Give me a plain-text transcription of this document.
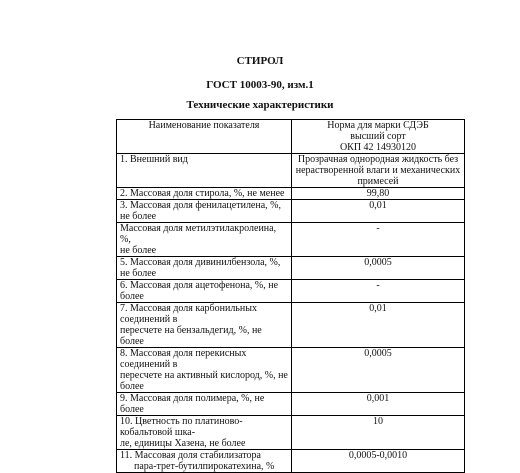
СТИРОЛ
ГОСТ 10003-90, изм.1
Технические характеристики
Наименование показателя	Норма для марки СДЭБ
высший сорт
ОКП 42 14930120

1. Внешний вид	Прозрачная однородная жидкость без нерастворенной влаги и механических примесей

2. Массовая доля стирола, %, не менее	99,80

3. Массовая доля фенилацетилена, %,
не более	0,01

Массовая доля метилэтилакролеина, %,
не более	-

5. Массовая доля дивинилбензола, %,
не более	0,0005

6. Массовая доля ацетофенона, %, не более	-

7. Массовая доля карбонильных соединений в
пересчете на бензальдегид, %, не более	0,01

8. Массовая доля перекисных соединений в
пересчете на активный кислород, %, не более	0,0005

9. Массовая доля полимера, %, не более	0,001

10. Цветность по платиново-кобальтовой шка-
ле, единицы Хазена, не более	10

11. Массовая доля стабилизатора
пара-трет-бутилпирокатехина, %	0,0005-0,0010
